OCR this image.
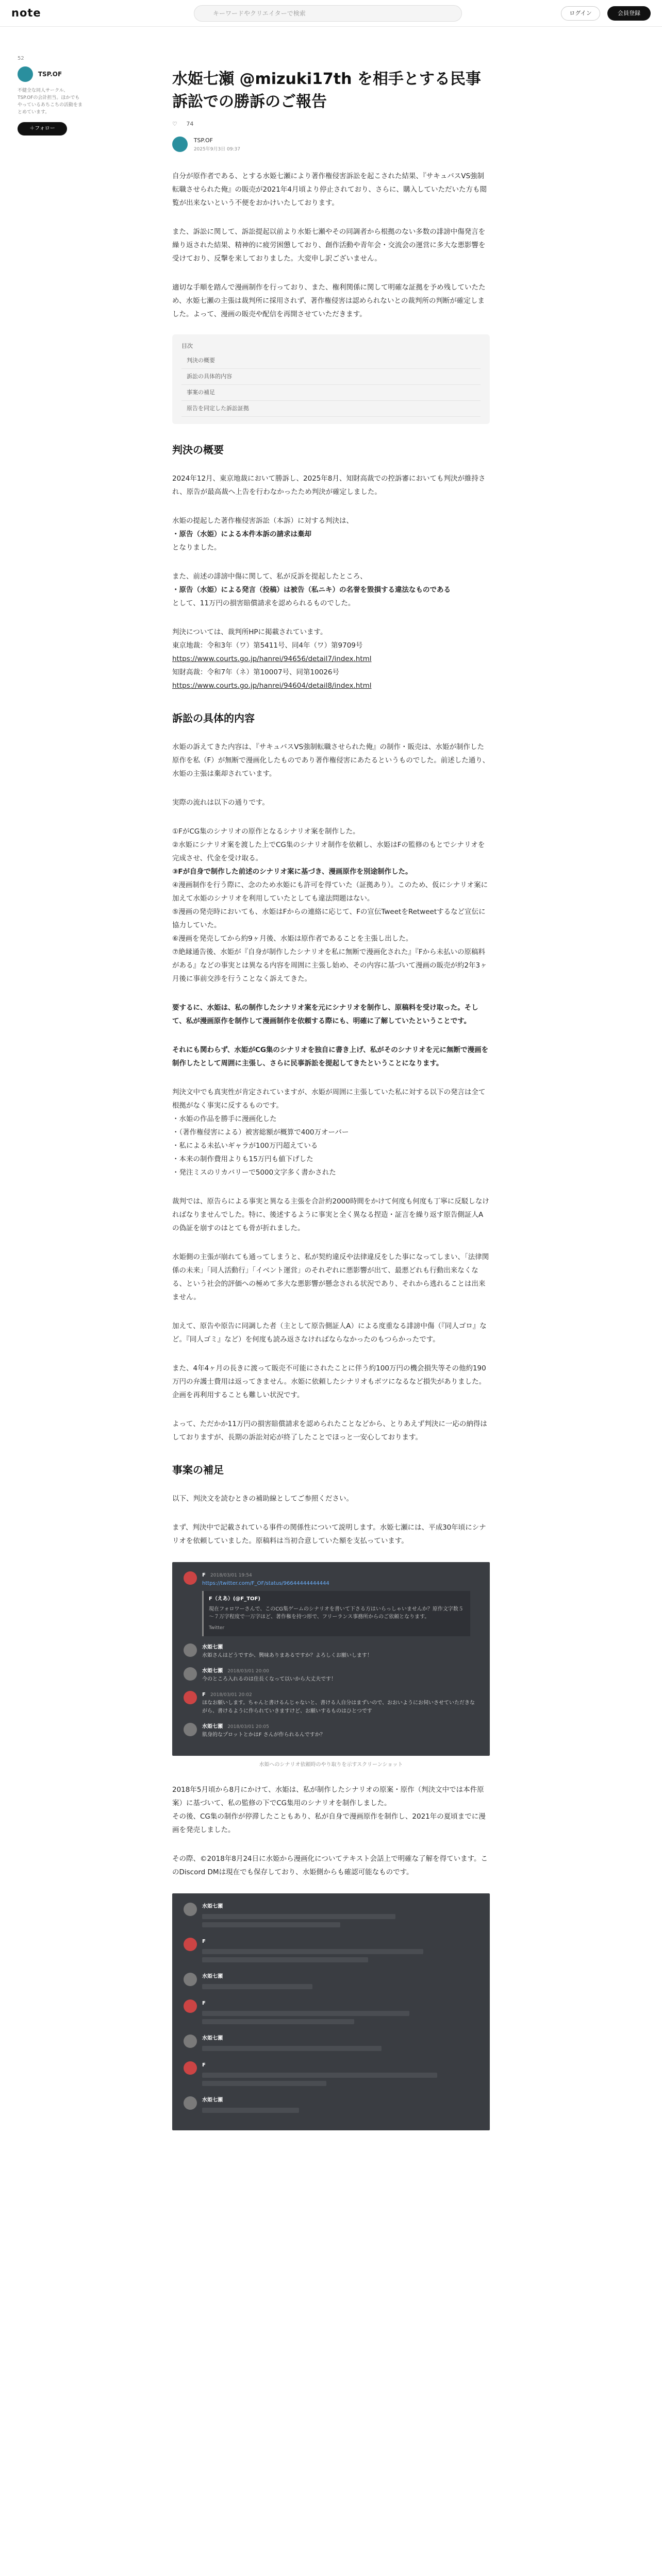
note	キーワードやクリエイターで検索	ログイン	会員登録
52
TSP.OF
不健全な同人サークル、TSP.OFの会計担当。ほかでもやっているあちこちの活動をまとめています。
＋フォロー
水姫七瀬 @mizuki17th を相手とする民事訴訟での勝訴のご報告
♡ 74

TSP.OF
2025年9月3日 09:37
自分が原作者である、とする水姫七瀬により著作権侵害訴訟を起こされた結果、『サキュバスVS強制転職させられた俺』の販売が2021年4月頃より停止されており、さらに、購入していただいた方も閲覧が出来ないという不便をおかけいたしております。
また、訴訟に関して、訴訟提起以前より水姫七瀬やその同調者から根拠のない多数の誹謗中傷発言を繰り返された結果、精神的に疲労困憊しており、創作活動や青年会・交流会の運営に多大な悪影響を受けており、反撃を来しておりました。大変申し訳ございません。
適切な手順を踏んで漫画制作を行っており、また、権利関係に関して明確な証拠を予め残していたため、水姫七瀬の主張は裁判所に採用されず、著作権侵害は認められないとの裁判所の判断が確定しました。よって、漫画の販売や配信を再開させていただきます。
目次
判決の概要
訴訟の具体的内容
事案の補足
原告を同定した訴訟証拠
判決の概要
2024年12月、東京地裁において勝訴し、2025年8月、知財高裁での控訴審においても判決が維持され、原告が最高裁へ上告を行わなかったため判決が確定しました。
水姫の提起した著作権侵害訴訟（本訴）に対する判決は、
・原告（水姫）による本件本訴の請求は棄却
となりました。
また、前述の誹謗中傷に関して、私が反訴を提起したところ、
・原告（水姫）による発言（投稿）は被告（私ニキ）の名誉を毀損する違法なものである
として、11万円の損害賠償請求を認められるものでした。
判決については、裁判所HPに掲載されています。
東京地裁：令和3年（ワ）第5411号、同4年（ワ）第9709号
https://www.courts.go.jp/hanrei/94656/detail7/index.html
知財高裁：令和7年（ネ）第10007号、同第10026号
https://www.courts.go.jp/hanrei/94604/detail8/index.html
訴訟の具体的内容
水姫の訴えてきた内容は、『サキュバスVS強制転職させられた俺』の制作・販売は、水姫が制作した原作を私（F）が無断で漫画化したものであり著作権侵害にあたるというものでした。前述した通り、水姫の主張は棄却されています。
実際の流れは以下の通りです。
①FがCG集のシナリオの原作となるシナリオ案を制作した。
②水姫にシナリオ案を渡した上でCG集のシナリオ制作を依頼し、水姫はFの監修のもとでシナリオを完成させ、代金を受け取る。
③Fが自身で制作した前述のシナリオ案に基づき、漫画原作を別途制作した。
④漫画制作を行う際に、念のため水姫にも許可を得ていた（証拠あり）。このため、仮にシナリオ案に加えて水姫のシナリオを利用していたとしても違法問題はない。
⑤漫画の発売時においても、水姫はFからの連絡に応じて、Fの宣伝TweetをRetweetするなど宣伝に協力していた。
⑥漫画を発売してから約9ヶ月後、水姫は原作者であることを主張し出した。
⑦絶縁通告後、水姫が『自身が制作したシナリオを私に無断で漫画化された』『Fから未払いの原稿料がある』などの事実とは異なる内容を周囲に主張し始め、その内容に基づいて漫画の販売が約2年3ヶ月後に事前交渉を行うことなく訴えてきた。
要するに、水姫は、私の制作したシナリオ案を元にシナリオを制作し、原稿料を受け取った。そして、私が漫画原作を制作して漫画制作を依頼する際にも、明確に了解していたということです。
それにも関わらず、水姫がCG集のシナリオを独自に書き上げ、私がそのシナリオを元に無断で漫画を制作したとして周囲に主張し、さらに民事訴訟を提起してきたということになります。
判決文中でも真実性が肯定されていますが、水姫が周囲に主張していた私に対する以下の発言は全て根拠がなく事実に反するものです。
・水姫の作品を勝手に漫画化した
・（著作権侵害による）被害総額が概算で400万オーバー
・私による未払いギャラが100万円超えている
・本来の制作費用よりも15万円も値下げした
・発注ミスのリカバリーで5000文字多く書かされた
裁判では、原告らによる事実と異なる主張を合計約2000時間をかけて何度も何度も丁寧に反駁しなければなりませんでした。特に、後述するように事実と全く異なる捏造・証言を繰り返す原告側証人Aの偽証を崩すのはとても骨が折れました。
水姫側の主張が崩れても通ってしまうと、私が契約違反や法律違反をした事になってしまい、「法律関係の未来」「同人活動行」「イベント運営」のそれぞれに悪影響が出て、最悪どれも行動出来なくなる、という社会的評価への極めて多大な悪影響が懸念される状況であり、それから逃れることは出来ません。
加えて、原告や原告に同調した者（主として原告側証人A）による度重なる誹謗中傷（『同人ゴロ』など。『同人ゴミ』など）を何度も読み返さなければならなかったのもつらかったです。
また、4年4ヶ月の長きに渡って販売不可能にされたことに伴う約100万円の機会損失等その他約190万円の弁護士費用は返ってきません。水姫に依頼したシナリオもボツになるなど損失がありました。企画を再利用することも難しい状況です。
よって、ただかか11万円の損害賠償請求を認められたことなどから、とりあえず判決に一応の納得はしておりますが、長期の訴訟対応が終了したことでほっと一安心しております。
事案の補足
以下、判決文を読むときの補助線としてご参照ください。
まず、判決中で記載されている事件の関係性について説明します。水姫七瀬には、平成30年頃にシナリオを依頼していました。原稿料は当初合意していた額を支払っています。
F 2018/03/01 19:54
https://twitter.com/F_OF/status/96644444444444
F（えあ）(@F_TOF)
現在フォロワーさんで、このCG集ゲームのシナリオを書いて下さる方はいらっしゃいませんか？原作文字数５～７万字程度で一万字ほど、著作権を持つ形で、フリーランス事務所からのご依頼となります。
Twitter
水姫七瀬
水姫さんはどうですか、興味ありまあるですか？よろしくお願いします！
水姫七瀬 2018/03/01 20:00
今のところ入れるのは住長くなって以いから大丈夫です！
F 2018/03/01 20:02
ほなお願いします。ちゃんと書けるんじゃないと、書ける人自分はまずいので、おおいようにお伺いさせていただきながら、書けるように作られていきますけど、お願いするものはひとつです
水姫七瀬 2018/03/01 20:05
肌身的なプロットとかはF さんが作られるんですか？
水姫へのシナリオ依頼時のやり取りを示すスクリーンショット
2018年5月頃から8月にかけて、水姫は、私が制作したシナリオの原案・原作（判決文中では本件原案）に基づいて、私の監修の下でCG集用のシナリオを制作しました。
その後、CG集の制作が停滞したこともあり、私が自身で漫画原作を制作し、2021年の夏頃までに漫画を発売しました。
その際、©2018年8月24日に水姫から漫画化についてテキスト会話上で明確な了解を得ています。このDiscord DMは現在でも保存しており、水姫側からも確認可能なものです。
水姫七瀬
F
水姫七瀬
F
水姫七瀬
F
水姫七瀬
